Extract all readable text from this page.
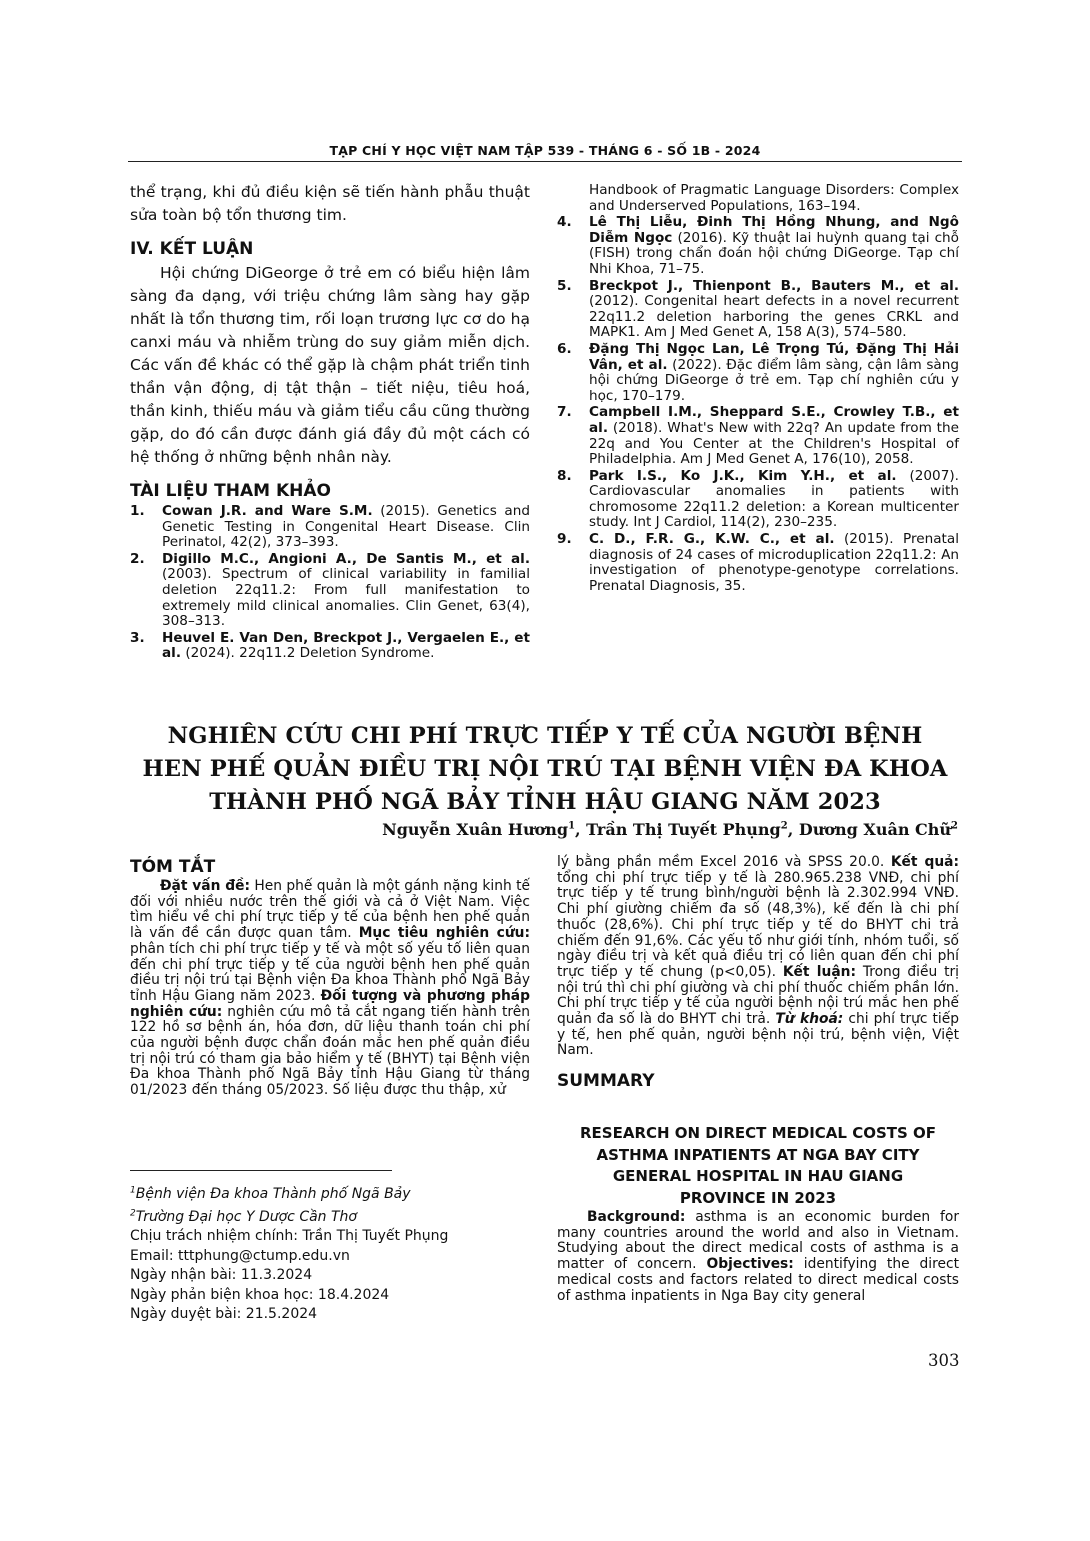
TẠP CHÍ Y HỌC VIỆT NAM TẬP 539 - THÁNG 6 - SỐ 1B - 2024

thể trạng, khi đủ điều kiện sẽ tiến hành phẫu thuật sửa toàn bộ tổn thương tim.

IV. KẾT LUẬN

Hội chứng DiGeorge ở trẻ em có biểu hiện lâm sàng đa dạng, với triệu chứng lâm sàng hay gặp nhất là tổn thương tim, rối loạn trương lực cơ do hạ canxi máu và nhiễm trùng do suy giảm miễn dịch. Các vấn đề khác có thể gặp là chậm phát triển tinh thần vận động, dị tật thận – tiết niệu, tiêu hoá, thần kinh, thiếu máu và giảm tiểu cầu cũng thường gặp, do đó cần được đánh giá đầy đủ một cách có hệ thống ở những bệnh nhân này.

TÀI LIỆU THAM KHẢO
1. Cowan J.R. and Ware S.M. (2015). Genetics and Genetic Testing in Congenital Heart Disease. Clin Perinatol, 42(2), 373–393.
2. Digillo M.C., Angioni A., De Santis M., et al. (2003). Spectrum of clinical variability in familial deletion 22q11.2: From full manifestation to extremely mild clinical anomalies. Clin Genet, 63(4), 308–313.
3. Heuvel E. Van Den, Breckpot J., Vergaelen E., et al. (2024). 22q11.2 Deletion Syndrome.
Handbook of Pragmatic Language Disorders: Complex and Underserved Populations, 163–194.
4. Lê Thị Liễu, Đinh Thị Hồng Nhung, and Ngô Diễm Ngọc (2016). Kỹ thuật lai huỳnh quang tại chỗ (FISH) trong chẩn đoán hội chứng DiGeorge. Tạp chí Nhi Khoa, 71–75.
5. Breckpot J., Thienpont B., Bauters M., et al. (2012). Congenital heart defects in a novel recurrent 22q11.2 deletion harboring the genes CRKL and MAPK1. Am J Med Genet A, 158 A(3), 574–580.
6. Đặng Thị Ngọc Lan, Lê Trọng Tú, Đặng Thị Hải Vân, et al. (2022). Đặc điểm lâm sàng, cận lâm sàng hội chứng DiGeorge ở trẻ em. Tạp chí nghiên cứu y học, 170–179.
7. Campbell I.M., Sheppard S.E., Crowley T.B., et al. (2018). What's New with 22q? An update from the 22q and You Center at the Children's Hospital of Philadelphia. Am J Med Genet A, 176(10), 2058.
8. Park I.S., Ko J.K., Kim Y.H., et al. (2007). Cardiovascular anomalies in patients with chromosome 22q11.2 deletion: a Korean multicenter study. Int J Cardiol, 114(2), 230–235.
9. C. D., F.R. G., K.W. C., et al. (2015). Prenatal diagnosis of 24 cases of microduplication 22q11.2: An investigation of phenotype-genotype correlations. Prenatal Diagnosis, 35.
NGHIÊN CỨU CHI PHÍ TRỰC TIẾP Y TẾ CỦA NGƯỜI BỆNH
HEN PHẾ QUẢN ĐIỀU TRỊ NỘI TRÚ TẠI BỆNH VIỆN ĐA KHOA
THÀNH PHỐ NGÃ BẢY TỈNH HẬU GIANG NĂM 2023
Nguyễn Xuân Hương$^1$, Trần Thị Tuyết Phụng$^2$, Dương Xuân Chữ$^2$
TÓM TẮT

Đặt vấn đề: Hen phế quản là một gánh nặng kinh tế đối với nhiều nước trên thế giới và cả ở Việt Nam. Việc tìm hiểu về chi phí trực tiếp y tế của bệnh hen phế quản là vấn đề cần được quan tâm. Mục tiêu nghiên cứu: phân tích chi phí trực tiếp y tế và một số yếu tố liên quan đến chi phí trực tiếp y tế của người bệnh hen phế quản điều trị nội trú tại Bệnh viện Đa khoa Thành phố Ngã Bảy tỉnh Hậu Giang năm 2023. Đối tượng và phương pháp nghiên cứu: nghiên cứu mô tả cắt ngang tiến hành trên 122 hồ sơ bệnh án, hóa đơn, dữ liệu thanh toán chi phí của người bệnh được chẩn đoán mắc hen phế quản điều trị nội trú có tham gia bảo hiểm y tế (BHYT) tại Bệnh viện Đa khoa Thành phố Ngã Bảy tỉnh Hậu Giang từ tháng 01/2023 đến tháng 05/2023. Số liệu được thu thập, xử

lý bằng phần mềm Excel 2016 và SPSS 20.0. Kết quả: tổng chi phí trực tiếp y tế là 280.965.238 VNĐ, chi phí trực tiếp y tế trung bình/người bệnh là 2.302.994 VNĐ. Chi phí giường chiếm đa số (48,3%), kế đến là chi phí thuốc (28,6%). Chi phí trực tiếp y tế do BHYT chi trả chiếm đến 91,6%. Các yếu tố như giới tính, nhóm tuổi, số ngày điều trị và kết quả điều trị có liên quan đến chi phí trực tiếp y tế chung (p<0,05). Kết luận: Trong điều trị nội trú thì chi phí giường và chi phí thuốc chiếm phần lớn. Chi phí trực tiếp y tế của người bệnh nội trú mắc hen phế quản đa số là do BHYT chi trả. Từ khoá: chi phí trực tiếp y tế, hen phế quản, người bệnh nội trú, bệnh viện, Việt Nam.

SUMMARY
RESEARCH ON DIRECT MEDICAL COSTS OF
ASTHMA INPATIENTS AT NGA BAY CITY
GENERAL HOSPITAL IN HAU GIANG
PROVINCE IN 2023

Background: asthma is an economic burden for many countries around the world and also in Vietnam. Studying about the direct medical costs of asthma is a matter of concern. Objectives: identifying the direct medical costs and factors related to direct medical costs of asthma inpatients in Nga Bay city general

$^1$Bệnh viện Đa khoa Thành phố Ngã Bảy
$^2$Trường Đại học Y Dược Cần Thơ
Chịu trách nhiệm chính: Trần Thị Tuyết Phụng
Email: tttphung@ctump.edu.vn
Ngày nhận bài: 11.3.2024
Ngày phản biện khoa học: 18.4.2024
Ngày duyệt bài: 21.5.2024
303
